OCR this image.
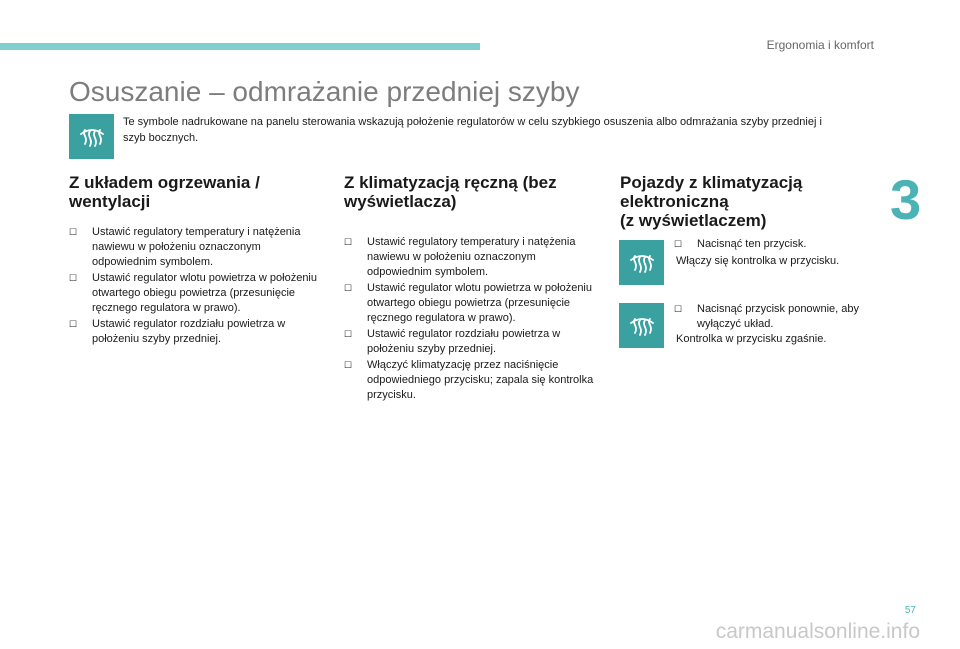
Ergonomia i komfort
3
Osuszanie – odmrażanie przedniej szyby
Te symbole nadrukowane na panelu sterowania wskazują położenie regulatorów w celu szybkiego osuszenia albo odmrażania szyby przedniej i szyb bocznych.
Z układem ogrzewania /
wentylacji
☐ Ustawić regulatory temperatury i natężenia nawiewu w położeniu oznaczonym odpowiednim symbolem.
☐ Ustawić regulator wlotu powietrza w położeniu otwartego obiegu powietrza (przesunięcie ręcznego regulatora w prawo).
☐ Ustawić regulator rozdziału powietrza w położeniu szyby przedniej.
Z klimatyzacją ręczną (bez
wyświetlacza)
☐ Ustawić regulatory temperatury i natężenia nawiewu w położeniu oznaczonym odpowiednim symbolem.
☐ Ustawić regulator wlotu powietrza w położeniu otwartego obiegu powietrza (przesunięcie ręcznego regulatora w prawo).
☐ Ustawić regulator rozdziału powietrza w położeniu szyby przedniej.
☐ Włączyć klimatyzację przez naciśnięcie odpowiedniego przycisku; zapala się kontrolka przycisku.
Pojazdy z klimatyzacją
elektroniczną
(z wyświetlaczem)
☐ Nacisnąć ten przycisk.
Włączy się kontrolka w przycisku.
☐ Nacisnąć przycisk ponownie, aby wyłączyć układ.
Kontrolka w przycisku zgaśnie.
57
carmanualsonline.info
